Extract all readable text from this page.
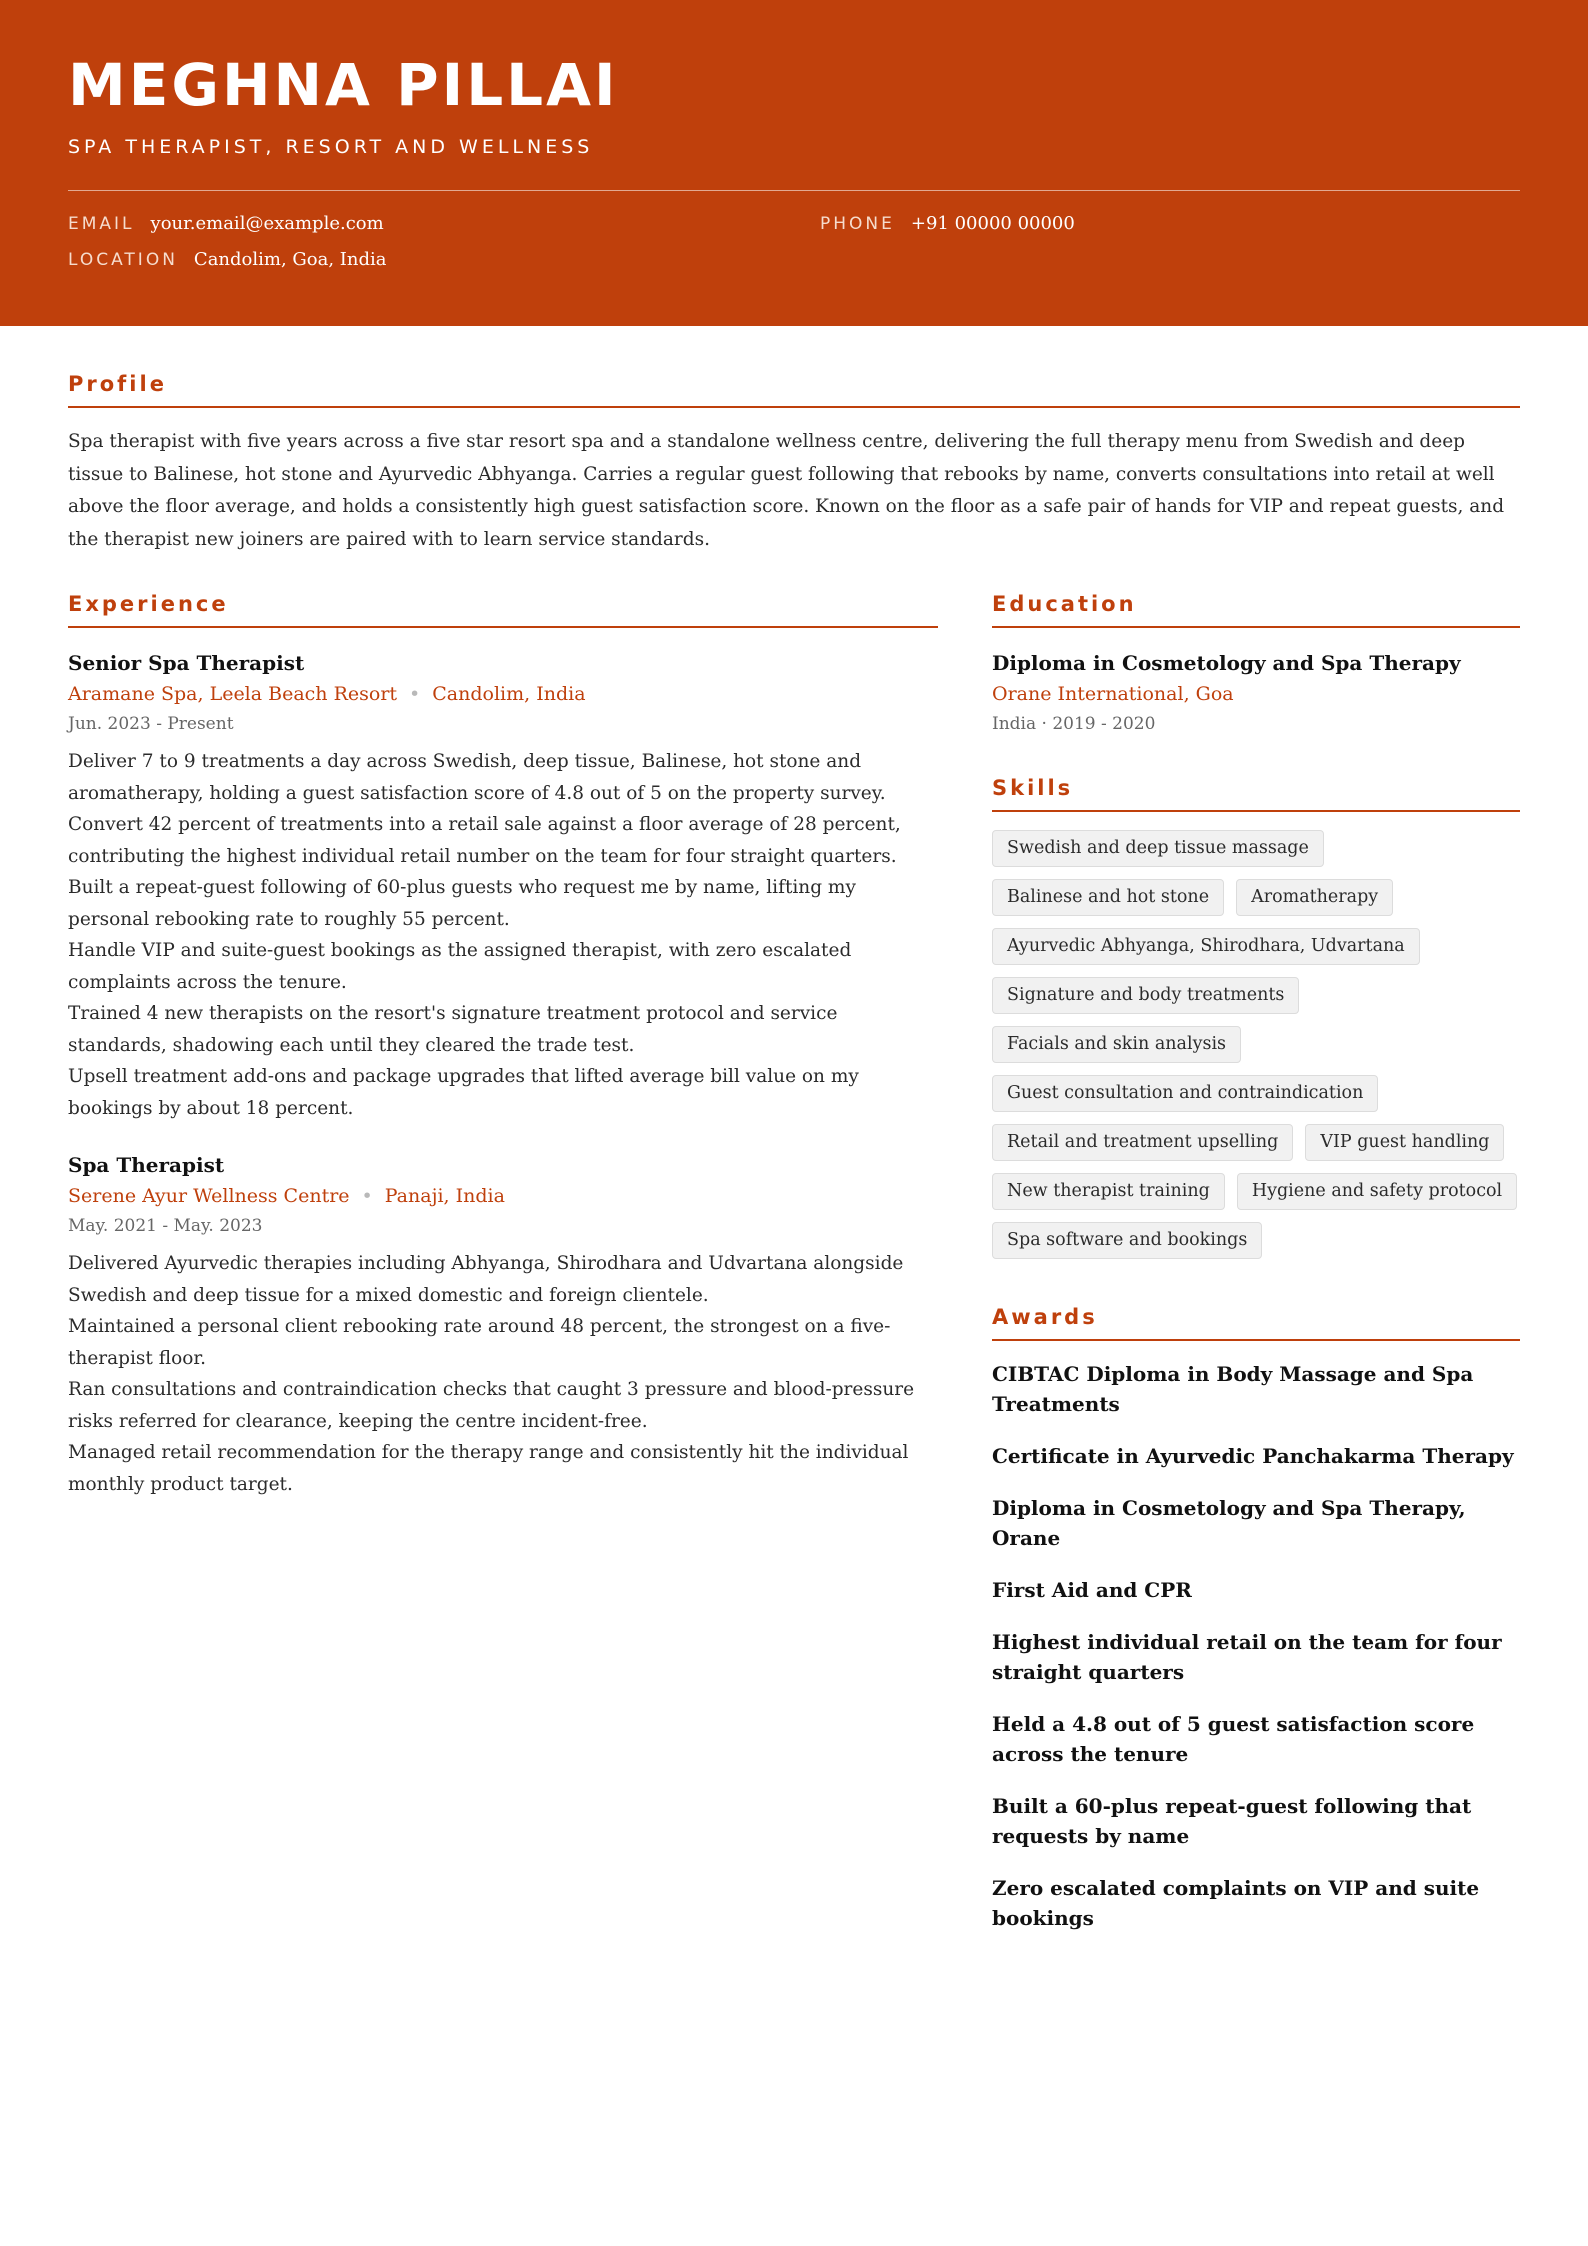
MEGHNA PILLAI
SPA THERAPIST, RESORT AND WELLNESS
EMAIL your.email@example.com	PHONE +91 00000 00000
LOCATION Candolim, Goa, India
Profile
Spa therapist with five years across a five star resort spa and a standalone wellness centre, delivering the full therapy menu from Swedish and deep tissue to Balinese, hot stone and Ayurvedic Abhyanga. Carries a regular guest following that rebooks by name, converts consultations into retail at well above the floor average, and holds a consistently high guest satisfaction score. Known on the floor as a safe pair of hands for VIP and repeat guests, and the therapist new joiners are paired with to learn service standards.
Experience
Senior Spa Therapist
Aramane Spa, Leela Beach Resort • Candolim, India
Jun. 2023 - Present
Deliver 7 to 9 treatments a day across Swedish, deep tissue, Balinese, hot stone and aromatherapy, holding a guest satisfaction score of 4.8 out of 5 on the property survey.
Convert 42 percent of treatments into a retail sale against a floor average of 28 percent, contributing the highest individual retail number on the team for four straight quarters.
Built a repeat-guest following of 60-plus guests who request me by name, lifting my personal rebooking rate to roughly 55 percent.
Handle VIP and suite-guest bookings as the assigned therapist, with zero escalated complaints across the tenure.
Trained 4 new therapists on the resort's signature treatment protocol and service standards, shadowing each until they cleared the trade test.
Upsell treatment add-ons and package upgrades that lifted average bill value on my bookings by about 18 percent.
Spa Therapist
Serene Ayur Wellness Centre • Panaji, India
May. 2021 - May. 2023
Delivered Ayurvedic therapies including Abhyanga, Shirodhara and Udvartana alongside Swedish and deep tissue for a mixed domestic and foreign clientele.
Maintained a personal client rebooking rate around 48 percent, the strongest on a five-therapist floor.
Ran consultations and contraindication checks that caught 3 pressure and blood-pressure risks referred for clearance, keeping the centre incident-free.
Managed retail recommendation for the therapy range and consistently hit the individual monthly product target.
Education
Diploma in Cosmetology and Spa Therapy
Orane International, Goa
India · 2019 - 2020
Skills
Swedish and deep tissue massage
Balinese and hot stone	Aromatherapy
Ayurvedic Abhyanga, Shirodhara, Udvartana
Signature and body treatments
Facials and skin analysis
Guest consultation and contraindication
Retail and treatment upselling	VIP guest handling
New therapist training	Hygiene and safety protocol
Spa software and bookings
Awards
CIBTAC Diploma in Body Massage and Spa Treatments
Certificate in Ayurvedic Panchakarma Therapy
Diploma in Cosmetology and Spa Therapy, Orane
First Aid and CPR
Highest individual retail on the team for four straight quarters
Held a 4.8 out of 5 guest satisfaction score across the tenure
Built a 60-plus repeat-guest following that requests by name
Zero escalated complaints on VIP and suite bookings
